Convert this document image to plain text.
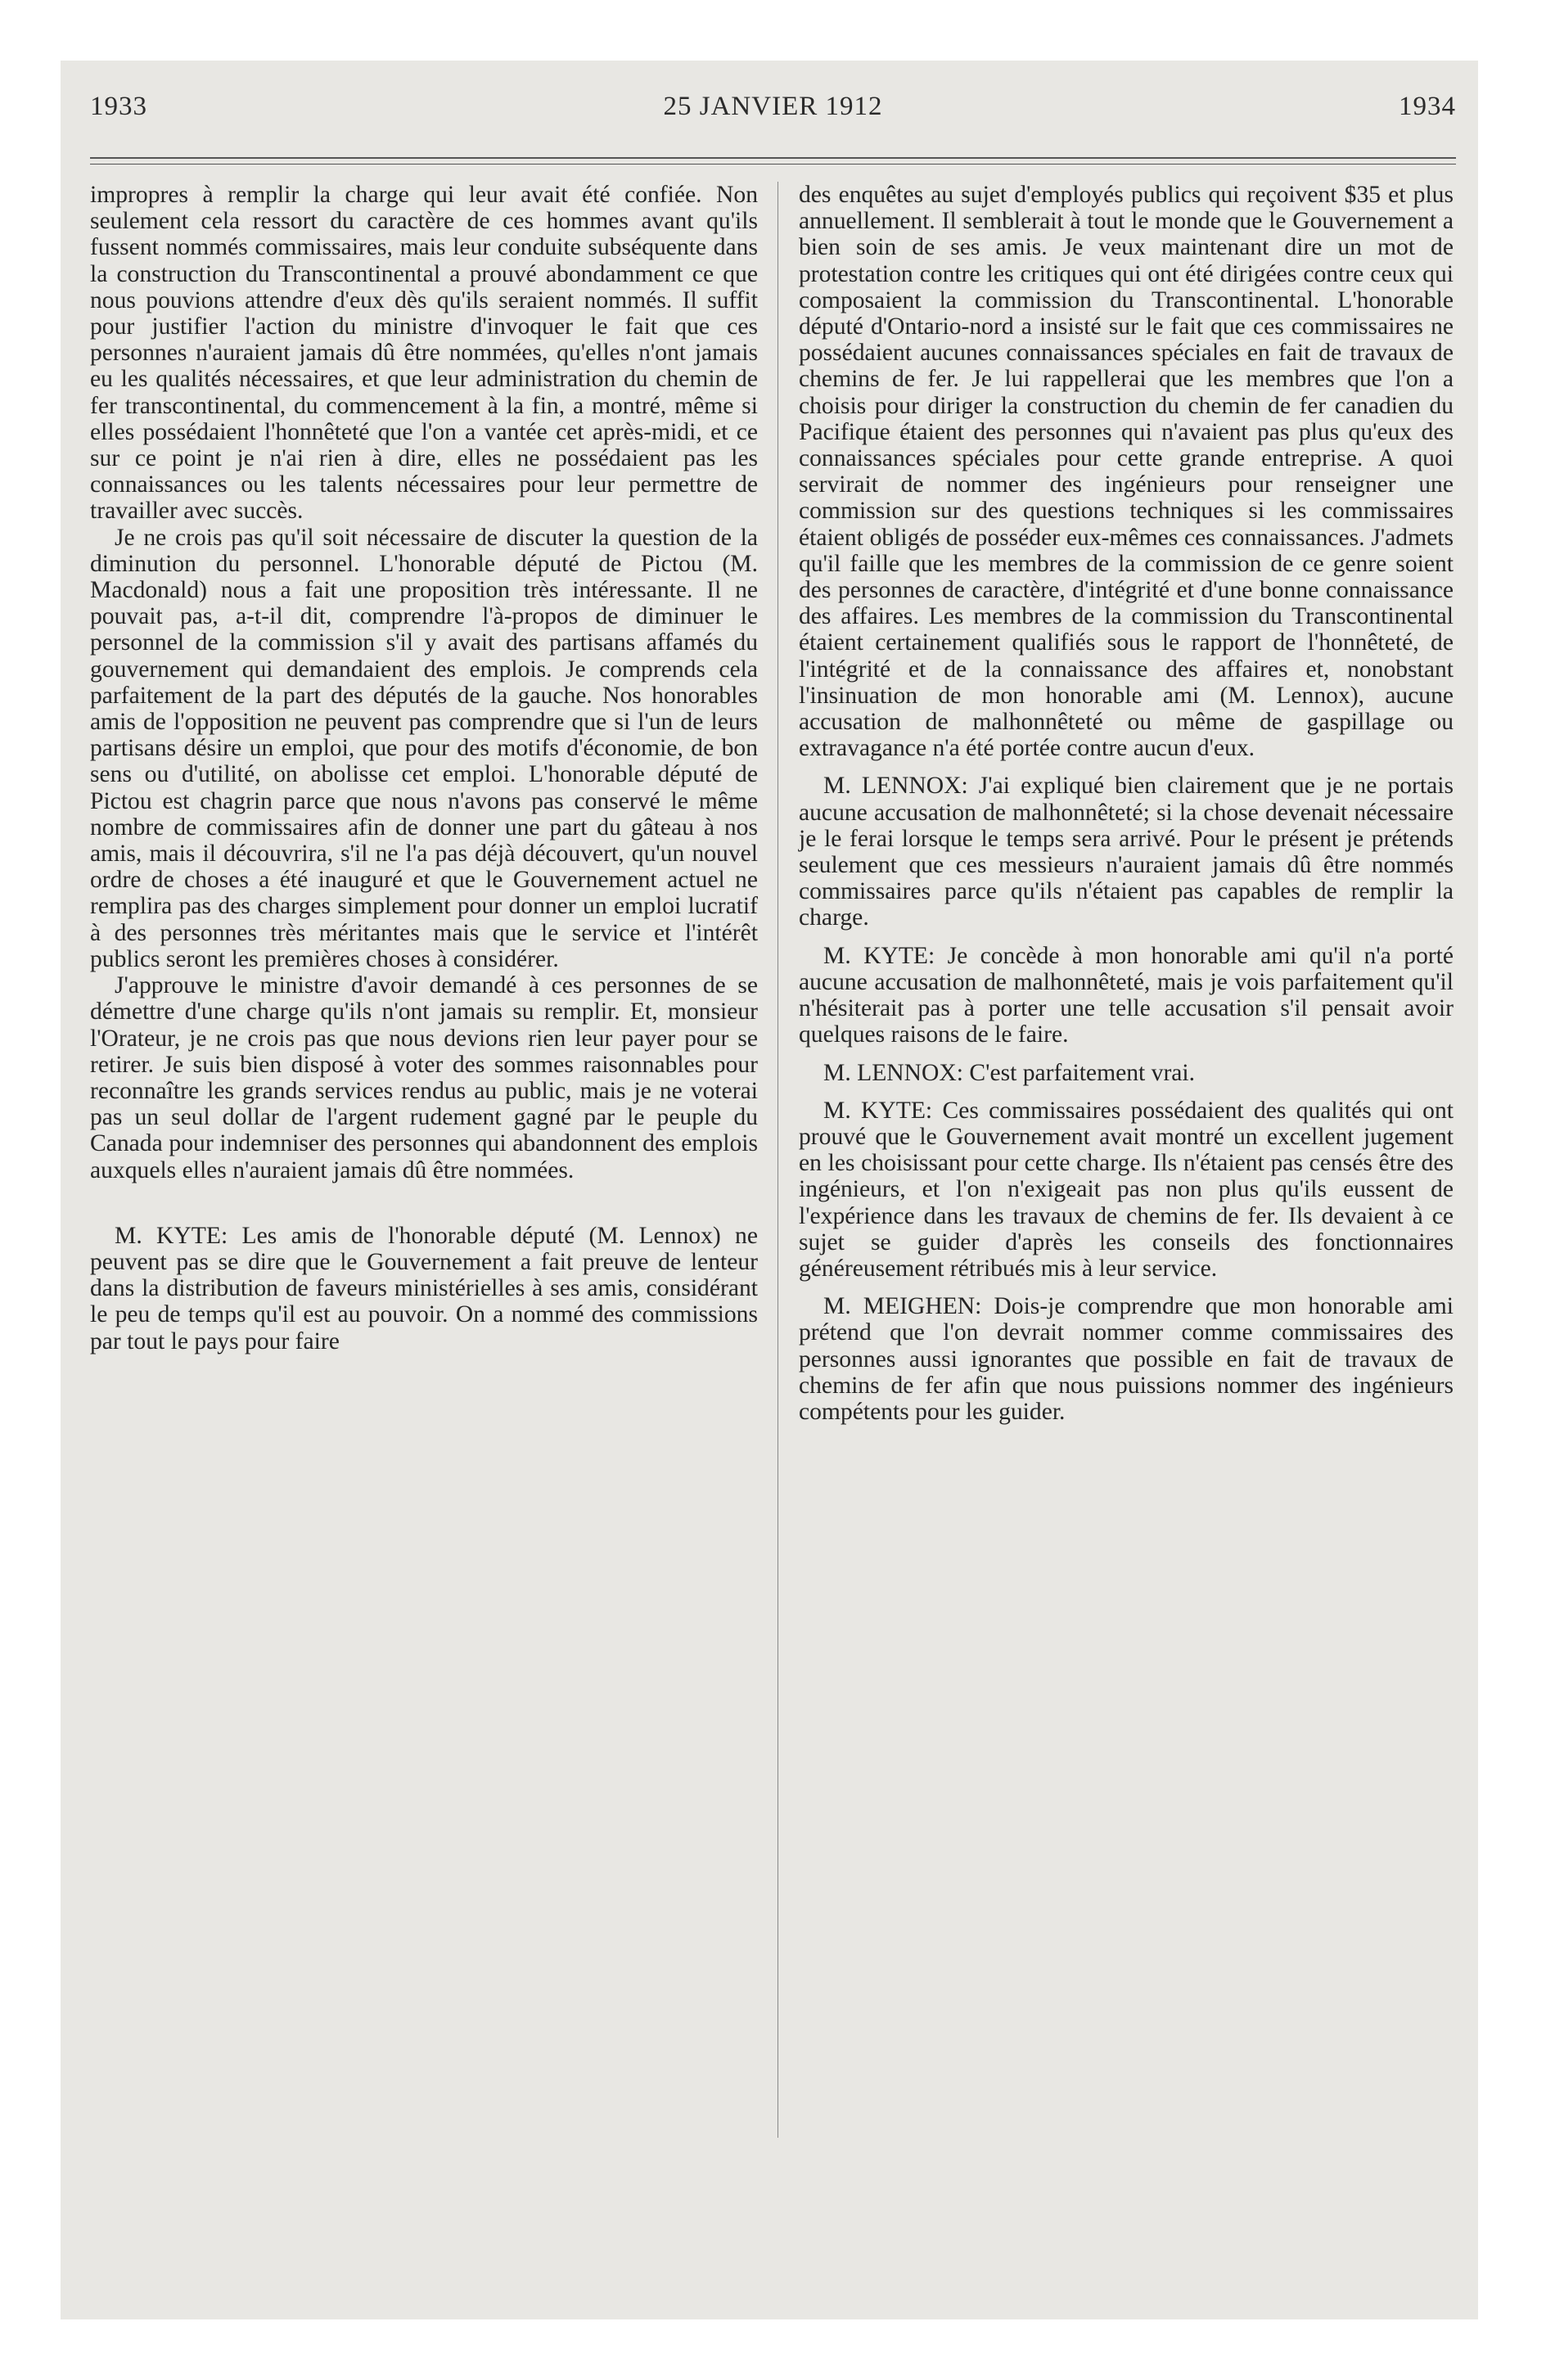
1933	25 JANVIER 1912	1934

impropres à remplir la charge qui leur avait été confiée. Non seulement cela ressort du caractère de ces hommes avant qu'ils fussent nommés commissaires, mais leur conduite subséquente dans la construction du Transcontinental a prouvé abondamment ce que nous pouvions attendre d'eux dès qu'ils seraient nommés. Il suffit pour justifier l'action du ministre d'invoquer le fait que ces personnes n'auraient jamais dû être nommées, qu'elles n'ont jamais eu les qualités nécessaires, et que leur administration du chemin de fer transcontinental, du commencement à la fin, a montré, même si elles possédaient l'honnêteté que l'on a vantée cet après-midi, et ce sur ce point je n'ai rien à dire, elles ne possédaient pas les connaissances ou les talents nécessaires pour leur permettre de travailler avec succès.

Je ne crois pas qu'il soit nécessaire de discuter la question de la diminution du personnel. L'honorable député de Pictou (M. Macdonald) nous a fait une proposition très intéressante. Il ne pouvait pas, a-t-il dit, comprendre l'à-propos de diminuer le personnel de la commission s'il y avait des partisans affamés du gouvernement qui demandaient des emplois. Je comprends cela parfaitement de la part des députés de la gauche. Nos honorables amis de l'opposition ne peuvent pas comprendre que si l'un de leurs partisans désire un emploi, que pour des motifs d'économie, de bon sens ou d'utilité, on abolisse cet emploi. L'honorable député de Pictou est chagrin parce que nous n'avons pas conservé le même nombre de commissaires afin de donner une part du gâteau à nos amis, mais il découvrira, s'il ne l'a pas déjà découvert, qu'un nouvel ordre de choses a été inauguré et que le Gouvernement actuel ne remplira pas des charges simplement pour donner un emploi lucratif à des personnes très méritantes mais que le service et l'intérêt publics seront les premières choses à considérer.

J'approuve le ministre d'avoir demandé à ces personnes de se démettre d'une charge qu'ils n'ont jamais su remplir. Et, monsieur l'Orateur, je ne crois pas que nous devions rien leur payer pour se retirer. Je suis bien disposé à voter des sommes raisonnables pour reconnaître les grands services rendus au public, mais je ne voterai pas un seul dollar de l'argent rudement gagné par le peuple du Canada pour indemniser des personnes qui abandonnent des emplois auxquels elles n'auraient jamais dû être nommées.

M. KYTE: Les amis de l'honorable député (M. Lennox) ne peuvent pas se dire que le Gouvernement a fait preuve de lenteur dans la distribution de faveurs ministérielles à ses amis, considérant le peu de temps qu'il est au pouvoir. On a nommé des commissions par tout le pays pour faire

des enquêtes au sujet d'employés publics qui reçoivent $35 et plus annuellement. Il semblerait à tout le monde que le Gouvernement a bien soin de ses amis. Je veux maintenant dire un mot de protestation contre les critiques qui ont été dirigées contre ceux qui composaient la commission du Transcontinental. L'honorable député d'Ontario-nord a insisté sur le fait que ces commissaires ne possédaient aucunes connaissances spéciales en fait de travaux de chemins de fer. Je lui rappellerai que les membres que l'on a choisis pour diriger la construction du chemin de fer canadien du Pacifique étaient des personnes qui n'avaient pas plus qu'eux des connaissances spéciales pour cette grande entreprise. A quoi servirait de nommer des ingénieurs pour renseigner une commission sur des questions techniques si les commissaires étaient obligés de posséder eux-mêmes ces connaissances. J'admets qu'il faille que les membres de la commission de ce genre soient des personnes de caractère, d'intégrité et d'une bonne connaissance des affaires. Les membres de la commission du Transcontinental étaient certainement qualifiés sous le rapport de l'honnêteté, de l'intégrité et de la connaissance des affaires et, nonobstant l'insinuation de mon honorable ami (M. Lennox), aucune accusation de malhonnêteté ou même de gaspillage ou extravagance n'a été portée contre aucun d'eux.

M. LENNOX: J'ai expliqué bien clairement que je ne portais aucune accusation de malhonnêteté; si la chose devenait nécessaire je le ferai lorsque le temps sera arrivé. Pour le présent je prétends seulement que ces messieurs n'auraient jamais dû être nommés commissaires parce qu'ils n'étaient pas capables de remplir la charge.

M. KYTE: Je concède à mon honorable ami qu'il n'a porté aucune accusation de malhonnêteté, mais je vois parfaitement qu'il n'hésiterait pas à porter une telle accusation s'il pensait avoir quelques raisons de le faire.

M. LENNOX: C'est parfaitement vrai.

M. KYTE: Ces commissaires possédaient des qualités qui ont prouvé que le Gouvernement avait montré un excellent jugement en les choisissant pour cette charge. Ils n'étaient pas censés être des ingénieurs, et l'on n'exigeait pas non plus qu'ils eussent de l'expérience dans les travaux de chemins de fer. Ils devaient à ce sujet se guider d'après les conseils des fonctionnaires généreusement rétribués mis à leur service.

M. MEIGHEN: Dois-je comprendre que mon honorable ami prétend que l'on devrait nommer comme commissaires des personnes aussi ignorantes que possible en fait de travaux de chemins de fer afin que nous puissions nommer des ingénieurs compétents pour les guider.
